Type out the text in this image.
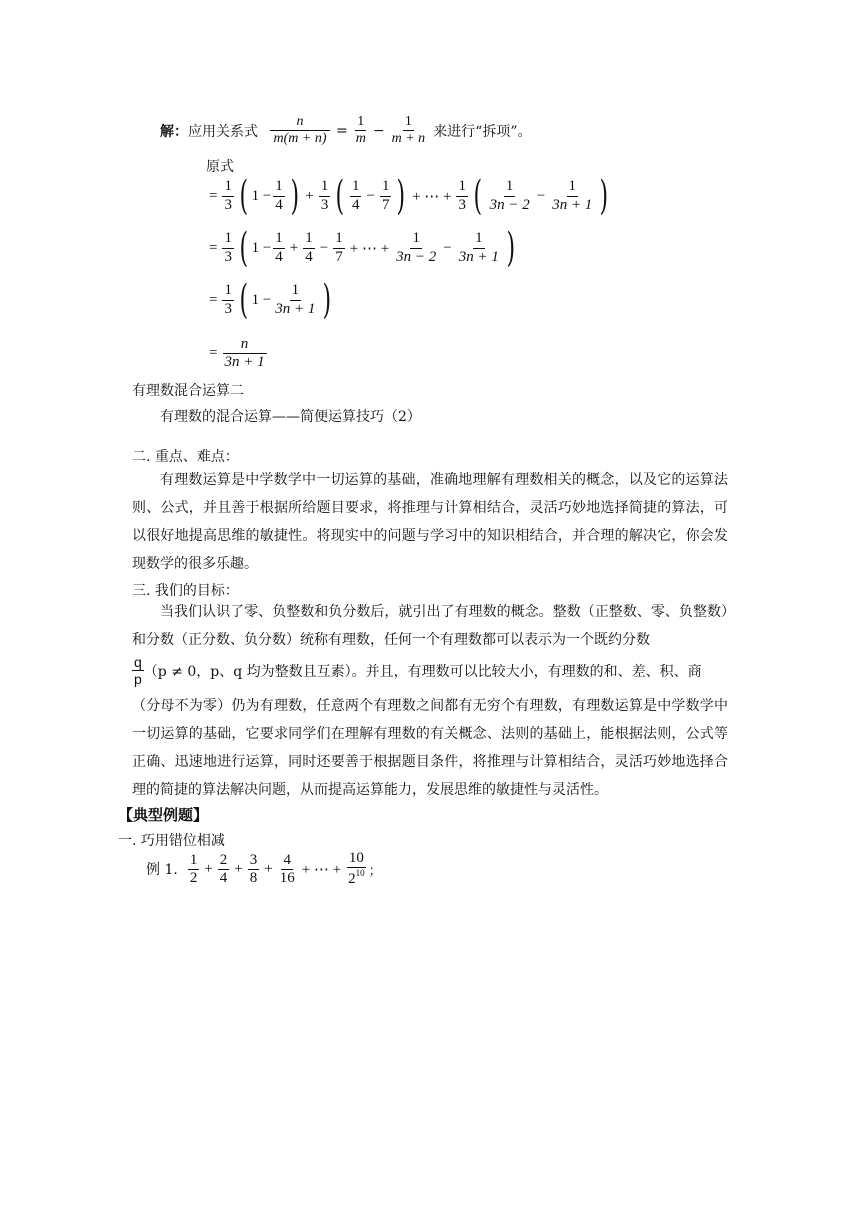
解： 应用关系式 $\frac{n}{m(m + n)} = \frac{1}{m} - \frac{1}{m + n}$ 来进行“拆项”。
原式
= $\frac{1}{3}$ ( $1 - \frac{1}{4}$ ) + $\frac{1}{3}$ ( $\frac{1}{4} - \frac{1}{7}$ ) + ⋯ + $\frac{1}{3}$ ( $\frac{1}{3n - 2} - \frac{1}{3n + 1}$ )
= $\frac{1}{3}$ ( $1 - \frac{1}{4} + \frac{1}{4} - \frac{1}{7}$ + ⋯ + $\frac{1}{3n - 2} - \frac{1}{3n + 1}$ )
= $\frac{1}{3}$ ( $1 - \frac{1}{3n + 1}$ )
= $\frac{n}{3n + 1}$
有理数混合运算二
有理数的混合运算——简便运算技巧（2）
二. 重点、难点：

有理数运算是中学数学中一切运算的基础，准确地理解有理数相关的概念，以及它的运算法则、公式，并且善于根据所给题目要求，将推理与计算相结合，灵活巧妙地选择简捷的算法，可以很好地提高思维的敏捷性。将现实中的问题与学习中的知识相结合，并合理的解决它，你会发现数学的很多乐趣。

三. 我们的目标：

当我们认识了零、负整数和负分数后，就引出了有理数的概念。整数（正整数、零、负整数）和分数（正分数、负分数）统称有理数，任何一个有理数都可以表示为一个既约分数

$\frac{q}{p} (p \ne 0$，p、q 均为整数且互素）。并且，有理数可以比较大小，有理数的和、差、积、商

（分母不为零）仍为有理数，任意两个有理数之间都有无穷个有理数，有理数运算是中学数学中一切运算的基础，它要求同学们在理解有理数的有关概念、法则的基础上，能根据法则，公式等正确、迅速地进行运算，同时还要善于根据题目条件，将推理与计算相结合，灵活巧妙地选择合理的简捷的算法解决问题，从而提高运算能力，发展思维的敏捷性与灵活性。

【典型例题】
一. 巧用错位相减
例 1. $\frac{1}{2} + \frac{2}{4} + \frac{3}{8} + \frac{4}{16}$ + ⋯ + $\frac{10}{2^{10}}$ ；
